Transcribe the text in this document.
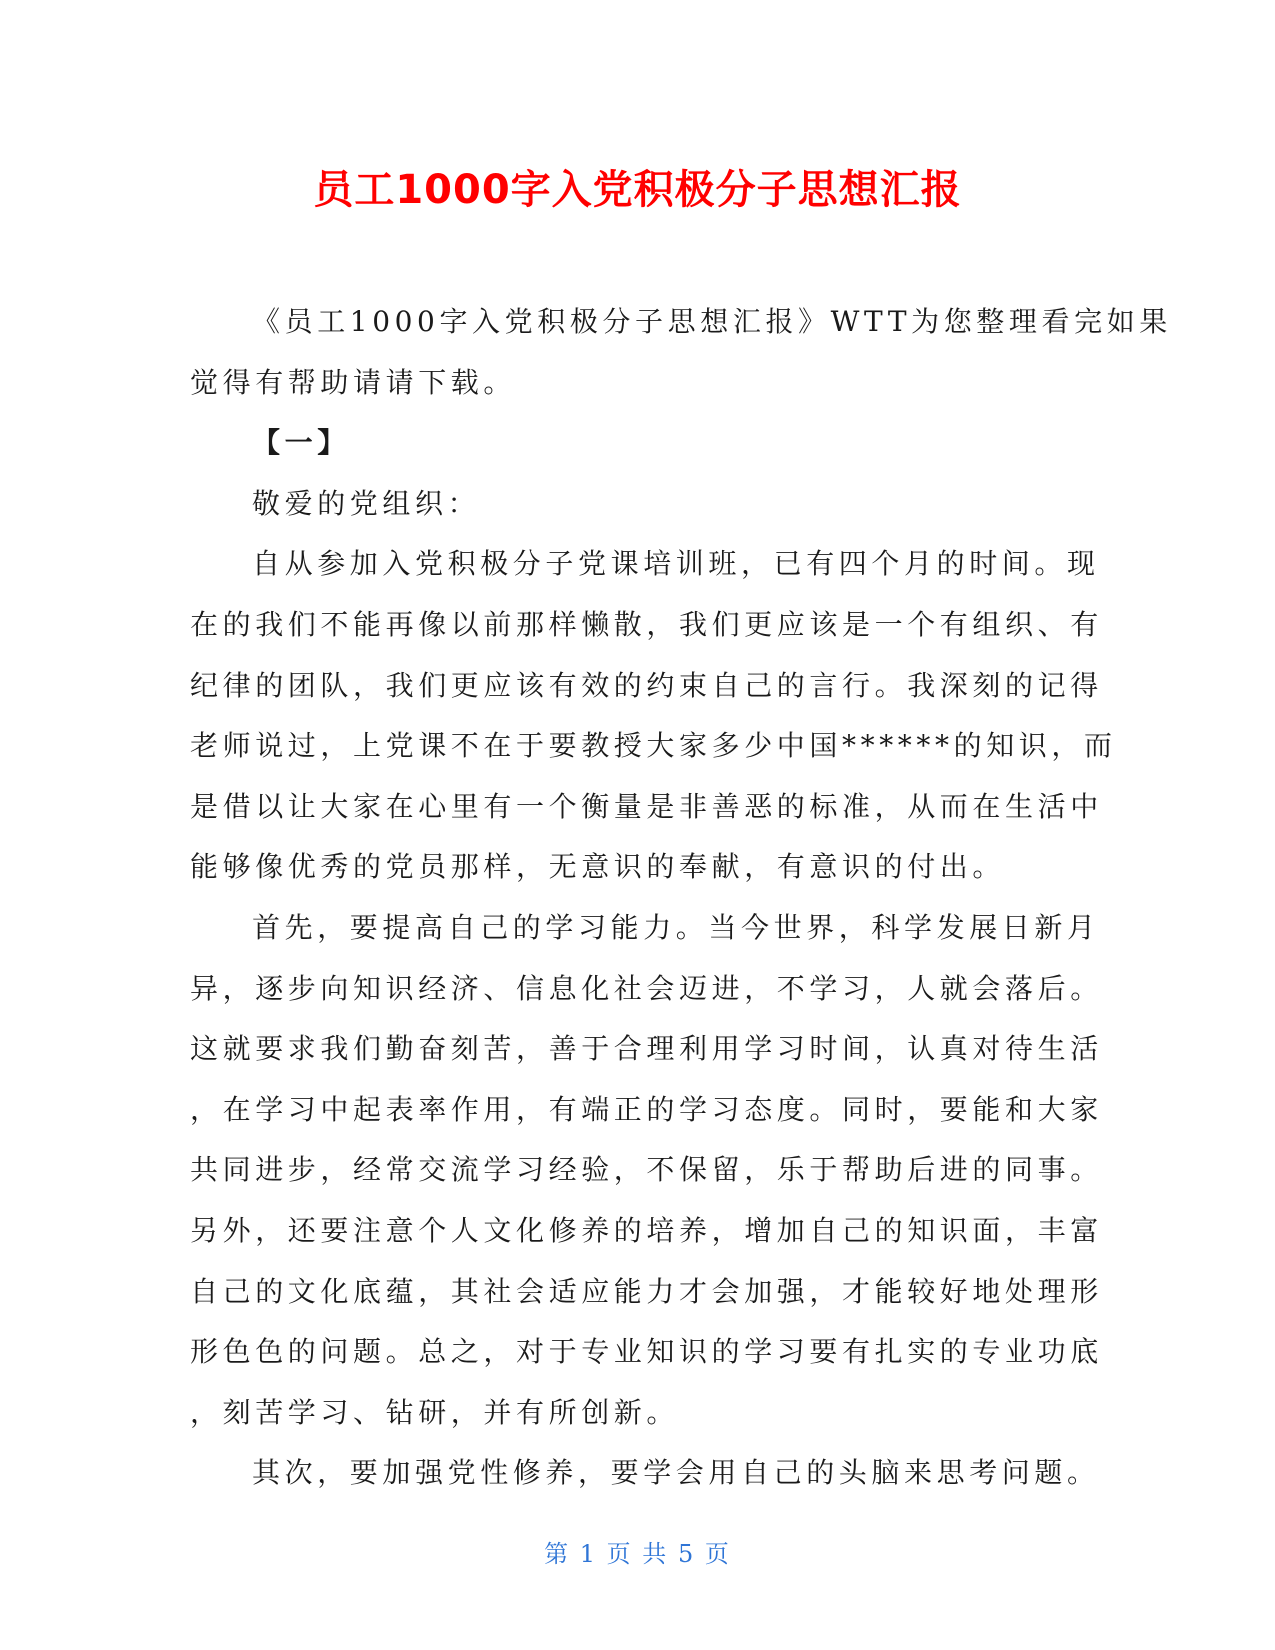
员工1000字入党积极分子思想汇报
《员工1000字入党积极分子思想汇报》WTT为您整理看完如果
觉得有帮助请请下载。
【一】
敬爱的党组织：
自从参加入党积极分子党课培训班，已有四个月的时间。现
在的我们不能再像以前那样懒散，我们更应该是一个有组织、有
纪律的团队，我们更应该有效的约束自己的言行。我深刻的记得
老师说过，上党课不在于要教授大家多少中国******的知识，而
是借以让大家在心里有一个衡量是非善恶的标准，从而在生活中
能够像优秀的党员那样，无意识的奉献，有意识的付出。
首先，要提高自己的学习能力。当今世界，科学发展日新月
异，逐步向知识经济、信息化社会迈进，不学习，人就会落后。
这就要求我们勤奋刻苦，善于合理利用学习时间，认真对待生活
，在学习中起表率作用，有端正的学习态度。同时，要能和大家
共同进步，经常交流学习经验，不保留，乐于帮助后进的同事。
另外，还要注意个人文化修养的培养，增加自己的知识面，丰富
自己的文化底蕴，其社会适应能力才会加强，才能较好地处理形
形色色的问题。总之，对于专业知识的学习要有扎实的专业功底
，刻苦学习、钻研，并有所创新。
其次，要加强党性修养，要学会用自己的头脑来思考问题。
第 1 页 共 5 页
